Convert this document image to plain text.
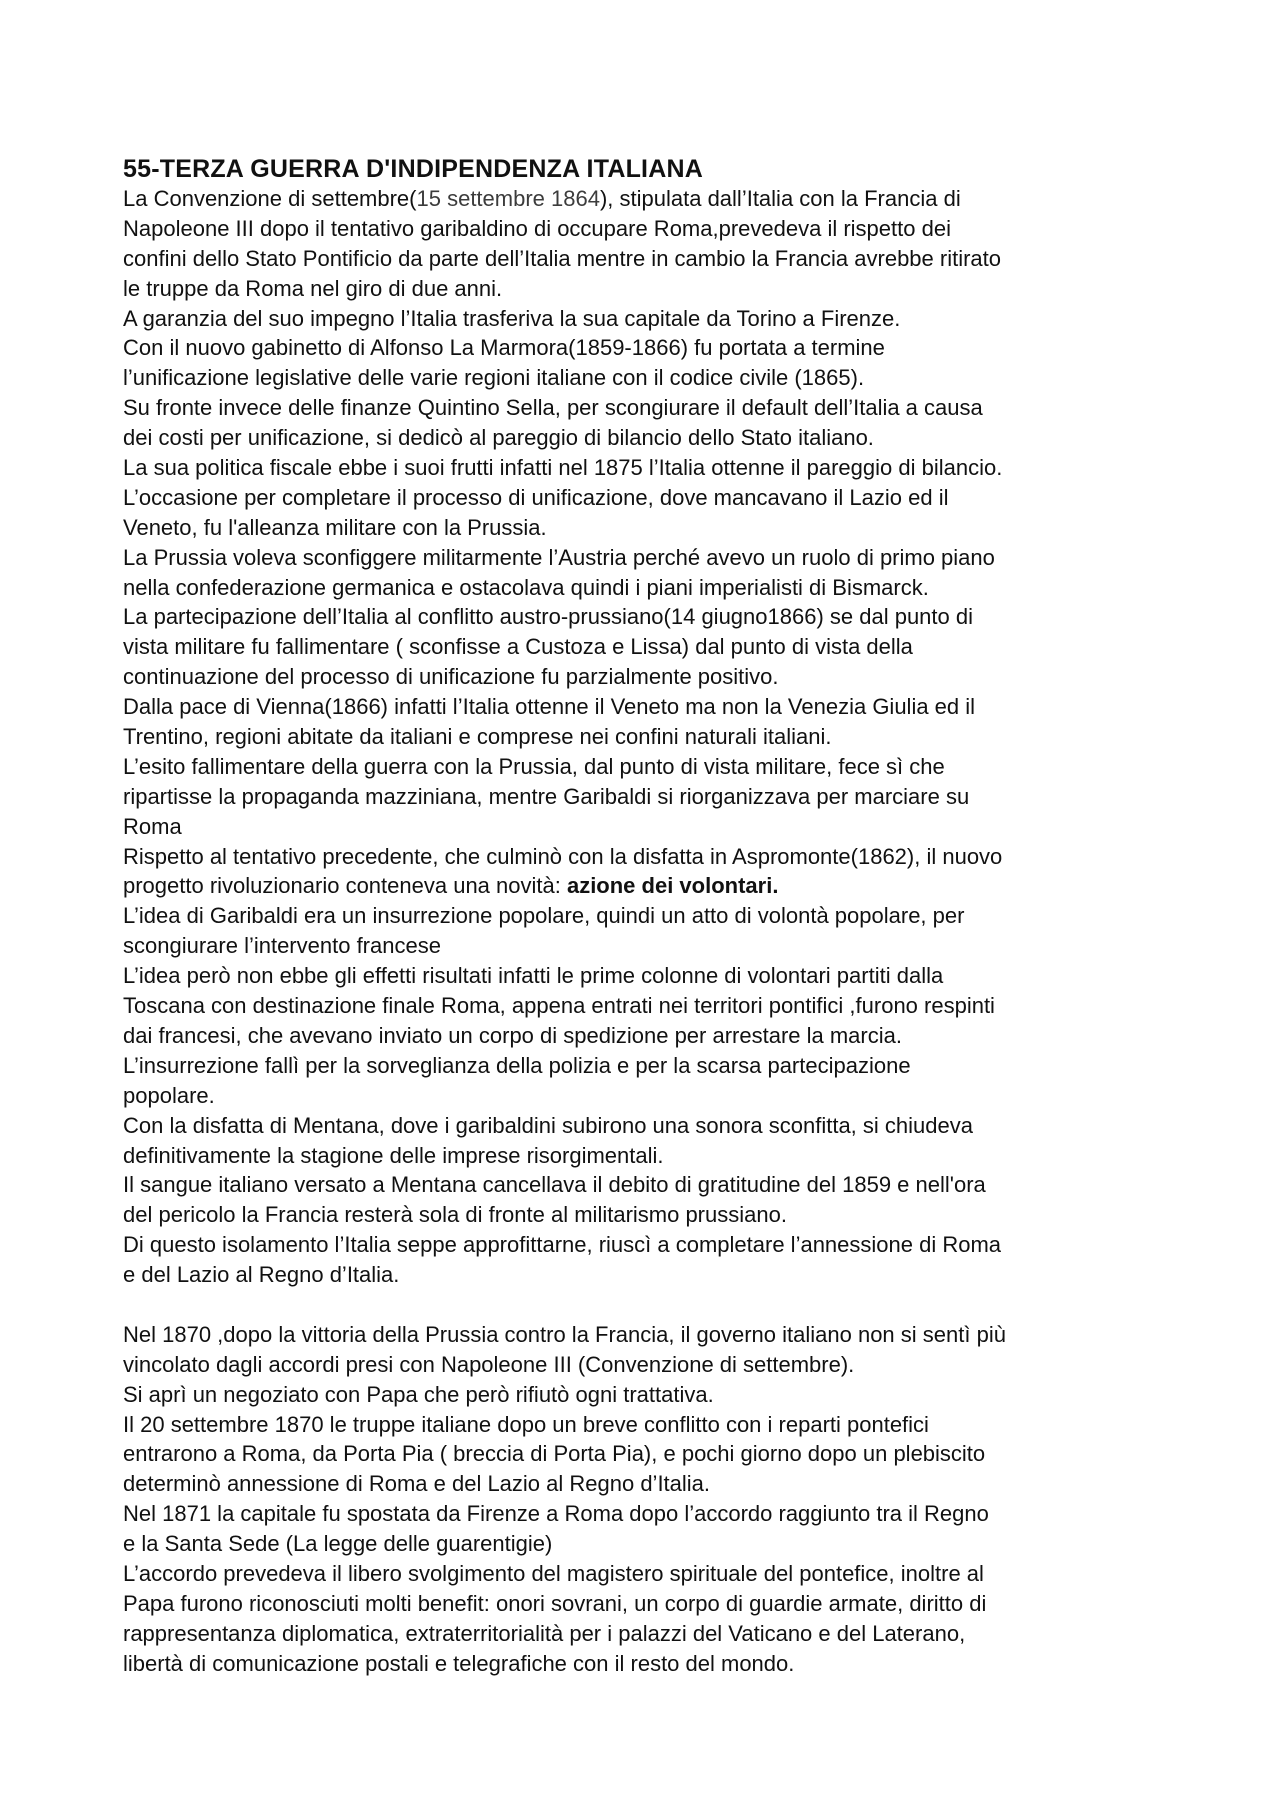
55-TERZA GUERRA D'INDIPENDENZA ITALIANA
La Convenzione di settembre(15 settembre 1864), stipulata dall’Italia con la Francia di
Napoleone III dopo il tentativo garibaldino di occupare Roma,prevedeva il rispetto dei
confini dello Stato Pontificio da parte dell’Italia mentre in cambio la Francia avrebbe ritirato
le truppe da Roma nel giro di due anni.
A garanzia del suo impegno l’Italia trasferiva la sua capitale da Torino a Firenze.
Con il nuovo gabinetto di Alfonso La Marmora(1859-1866) fu portata a termine
l’unificazione legislative delle varie regioni italiane con il codice civile (1865).
Su fronte invece delle finanze Quintino Sella, per scongiurare il default dell’Italia a causa
dei costi per unificazione, si dedicò al pareggio di bilancio dello Stato italiano.
La sua politica fiscale ebbe i suoi frutti infatti nel 1875 l’Italia ottenne il pareggio di bilancio.
L’occasione per completare il processo di unificazione, dove mancavano il Lazio ed il
Veneto, fu l'alleanza militare con la Prussia.
La Prussia voleva sconfiggere militarmente l’Austria perché avevo un ruolo di primo piano
nella confederazione germanica e ostacolava quindi i piani imperialisti di Bismarck.
La partecipazione dell’Italia al conflitto austro-prussiano(14 giugno1866) se dal punto di
vista militare fu fallimentare ( sconfisse a Custoza e Lissa) dal punto di vista della
continuazione del processo di unificazione fu parzialmente positivo.
Dalla pace di Vienna(1866) infatti l’Italia ottenne il Veneto ma non la Venezia Giulia ed il
Trentino, regioni abitate da italiani e comprese nei confini naturali italiani.
L’esito fallimentare della guerra con la Prussia, dal punto di vista militare, fece sì che
ripartisse la propaganda mazziniana, mentre Garibaldi si riorganizzava per marciare su
Roma
Rispetto al tentativo precedente, che culminò con la disfatta in Aspromonte(1862), il nuovo
progetto rivoluzionario conteneva una novità: azione dei volontari.
L’idea di Garibaldi era un insurrezione popolare, quindi un atto di volontà popolare, per
scongiurare l’intervento francese
L’idea però non ebbe gli effetti risultati infatti le prime colonne di volontari partiti dalla
Toscana con destinazione finale Roma, appena entrati nei territori pontifici ,furono respinti
dai francesi, che avevano inviato un corpo di spedizione per arrestare la marcia.
L’insurrezione fallì per la sorveglianza della polizia e per la scarsa partecipazione
popolare.
Con la disfatta di Mentana, dove i garibaldini subirono una sonora sconfitta, si chiudeva
definitivamente la stagione delle imprese risorgimentali.
Il sangue italiano versato a Mentana cancellava il debito di gratitudine del 1859 e nell'ora
del pericolo la Francia resterà sola di fronte al militarismo prussiano.
Di questo isolamento l’Italia seppe approfittarne, riuscì a completare l’annessione di Roma
e del Lazio al Regno d’Italia.
Nel 1870 ,dopo la vittoria della Prussia contro la Francia, il governo italiano non si sentì più
vincolato dagli accordi presi con Napoleone III (Convenzione di settembre).
Si aprì un negoziato con Papa che però rifiutò ogni trattativa.
Il 20 settembre 1870 le truppe italiane dopo un breve conflitto con i reparti pontefici
entrarono a Roma, da Porta Pia ( breccia di Porta Pia), e pochi giorno dopo un plebiscito
determinò annessione di Roma e del Lazio al Regno d’Italia.
Nel 1871 la capitale fu spostata da Firenze a Roma dopo l’accordo raggiunto tra il Regno
e la Santa Sede (La legge delle guarentigie)
L’accordo prevedeva il libero svolgimento del magistero spirituale del pontefice, inoltre al
Papa furono riconosciuti molti benefit: onori sovrani, un corpo di guardie armate, diritto di
rappresentanza diplomatica, extraterritorialità per i palazzi del Vaticano e del Laterano,
libertà di comunicazione postali e telegrafiche con il resto del mondo.
